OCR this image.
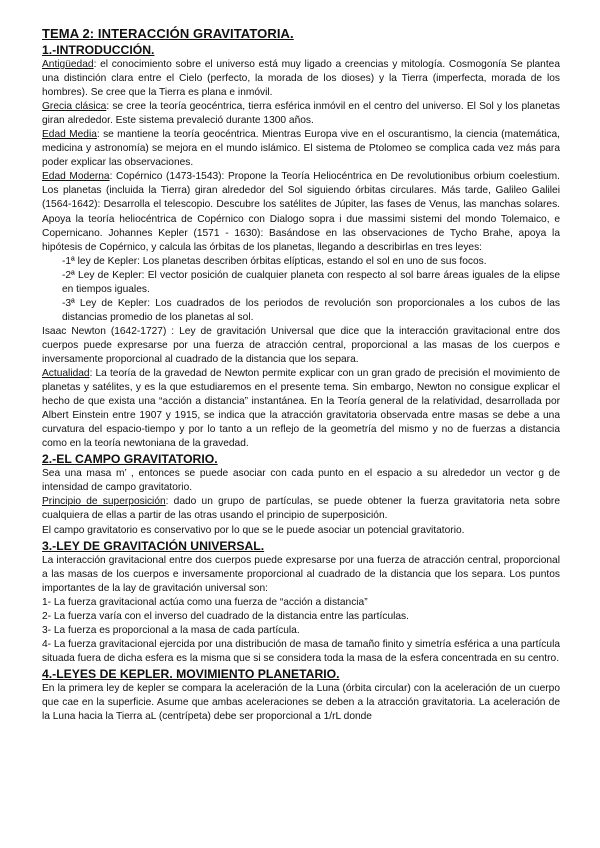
TEMA 2: INTERACCIÓN GRAVITATORIA.
1.-INTRODUCCIÓN.

Antigüedad: el conocimiento sobre el universo está muy ligado a creencias y mitología. Cosmogonía Se plantea una distinción clara entre el Cielo (perfecto, la morada de los dioses) y la Tierra (imperfecta, morada de los hombres). Se cree que la Tierra es plana e inmóvil.

Grecia clásica: se cree la teoría geocéntrica, tierra esférica inmóvil en el centro del universo. El Sol y los planetas giran alrededor. Este sistema prevaleció durante 1300 años.

Edad Media: se mantiene la teoría geocéntrica. Mientras Europa vive en el oscurantismo, la ciencia (matemática, medicina y astronomía) se mejora en el mundo islámico. El sistema de Ptolomeo se complica cada vez más para poder explicar las observaciones.

Edad Moderna: Copérnico (1473-1543): Propone la Teoría Heliocéntrica en De revolutionibus orbium coelestium. Los planetas (incluida la Tierra) giran alrededor del Sol siguiendo órbitas circulares. Más tarde, Galileo Galilei (1564-1642): Desarrolla el telescopio. Descubre los satélites de Júpiter, las fases de Venus, las manchas solares. Apoya la teoría heliocéntrica de Copérnico con Dialogo sopra i due massimi sistemi del mondo Tolemaico, e Copernicano. Johannes Kepler (1571 - 1630): Basándose en las observaciones de Tycho Brahe, apoya la hipótesis de Copérnico, y calcula las órbitas de los planetas, llegando a describirlas en tres leyes:

-1ª ley de Kepler: Los planetas describen órbitas elípticas, estando el sol en uno de sus focos.

-2ª Ley de Kepler: El vector posición de cualquier planeta con respecto al sol barre áreas iguales de la elipse en tiempos iguales.

-3ª Ley de Kepler: Los cuadrados de los periodos de revolución son proporcionales a los cubos de las distancias promedio de los planetas al sol.

Isaac Newton (1642-1727) : Ley de gravitación Universal que dice que la interacción gravitacional entre dos cuerpos puede expresarse por una fuerza de atracción central, proporcional a las masas de los cuerpos e inversamente proporcional al cuadrado de la distancia que los separa.

Actualidad: La teoría de la gravedad de Newton permite explicar con un gran grado de precisión el movimiento de planetas y satélites, y es la que estudiaremos en el presente tema. Sin embargo, Newton no consigue explicar el hecho de que exista una “acción a distancia” instantánea. En la Teoría general de la relatividad, desarrollada por Albert Einstein entre 1907 y 1915, se indica que la atracción gravitatoria observada entre masas se debe a una curvatura del espacio-tiempo y por lo tanto a un reflejo de la geometría del mismo y no de fuerzas a distancia como en la teoría newtoniana de la gravedad.

2.-EL CAMPO GRAVITATORIO.

Sea una masa m’ , entonces se puede asociar con cada punto en el espacio a su alrededor un vector g de intensidad de campo gravitatorio.

Principio de superposición: dado un grupo de partículas, se puede obtener la fuerza gravitatoria neta sobre cualquiera de ellas a partir de las otras usando el principio de superposición.

El campo gravitatorio es conservativo por lo que se le puede asociar un potencial gravitatorio.

3.-LEY DE GRAVITACIÓN UNIVERSAL.

La interacción gravitacional entre dos cuerpos puede expresarse por una fuerza de atracción central, proporcional a las masas de los cuerpos e inversamente proporcional al cuadrado de la distancia que los separa. Los puntos importantes de la lay de gravitación universal son:

1- La fuerza gravitacional actúa como una fuerza de “acción a distancia”

2- La fuerza varía con el inverso del cuadrado de la distancia entre las partículas.

3- La fuerza es proporcional a la masa de cada partícula.

4- La fuerza gravitacional ejercida por una distribución de masa de tamaño finito y simetría esférica a una partícula situada fuera de dicha esfera es la misma que si se considera toda la masa de la esfera concentrada en su centro.

4.-LEYES DE KEPLER. MOVIMIENTO PLANETARIO.

En la primera ley de kepler se compara la aceleración de la Luna (órbita circular) con la aceleración de un cuerpo que cae en la superficie. Asume que ambas aceleraciones se deben a la atracción gravitatoria. La aceleración de la Luna hacia la Tierra aL (centrípeta) debe ser proporcional a 1/rL donde
